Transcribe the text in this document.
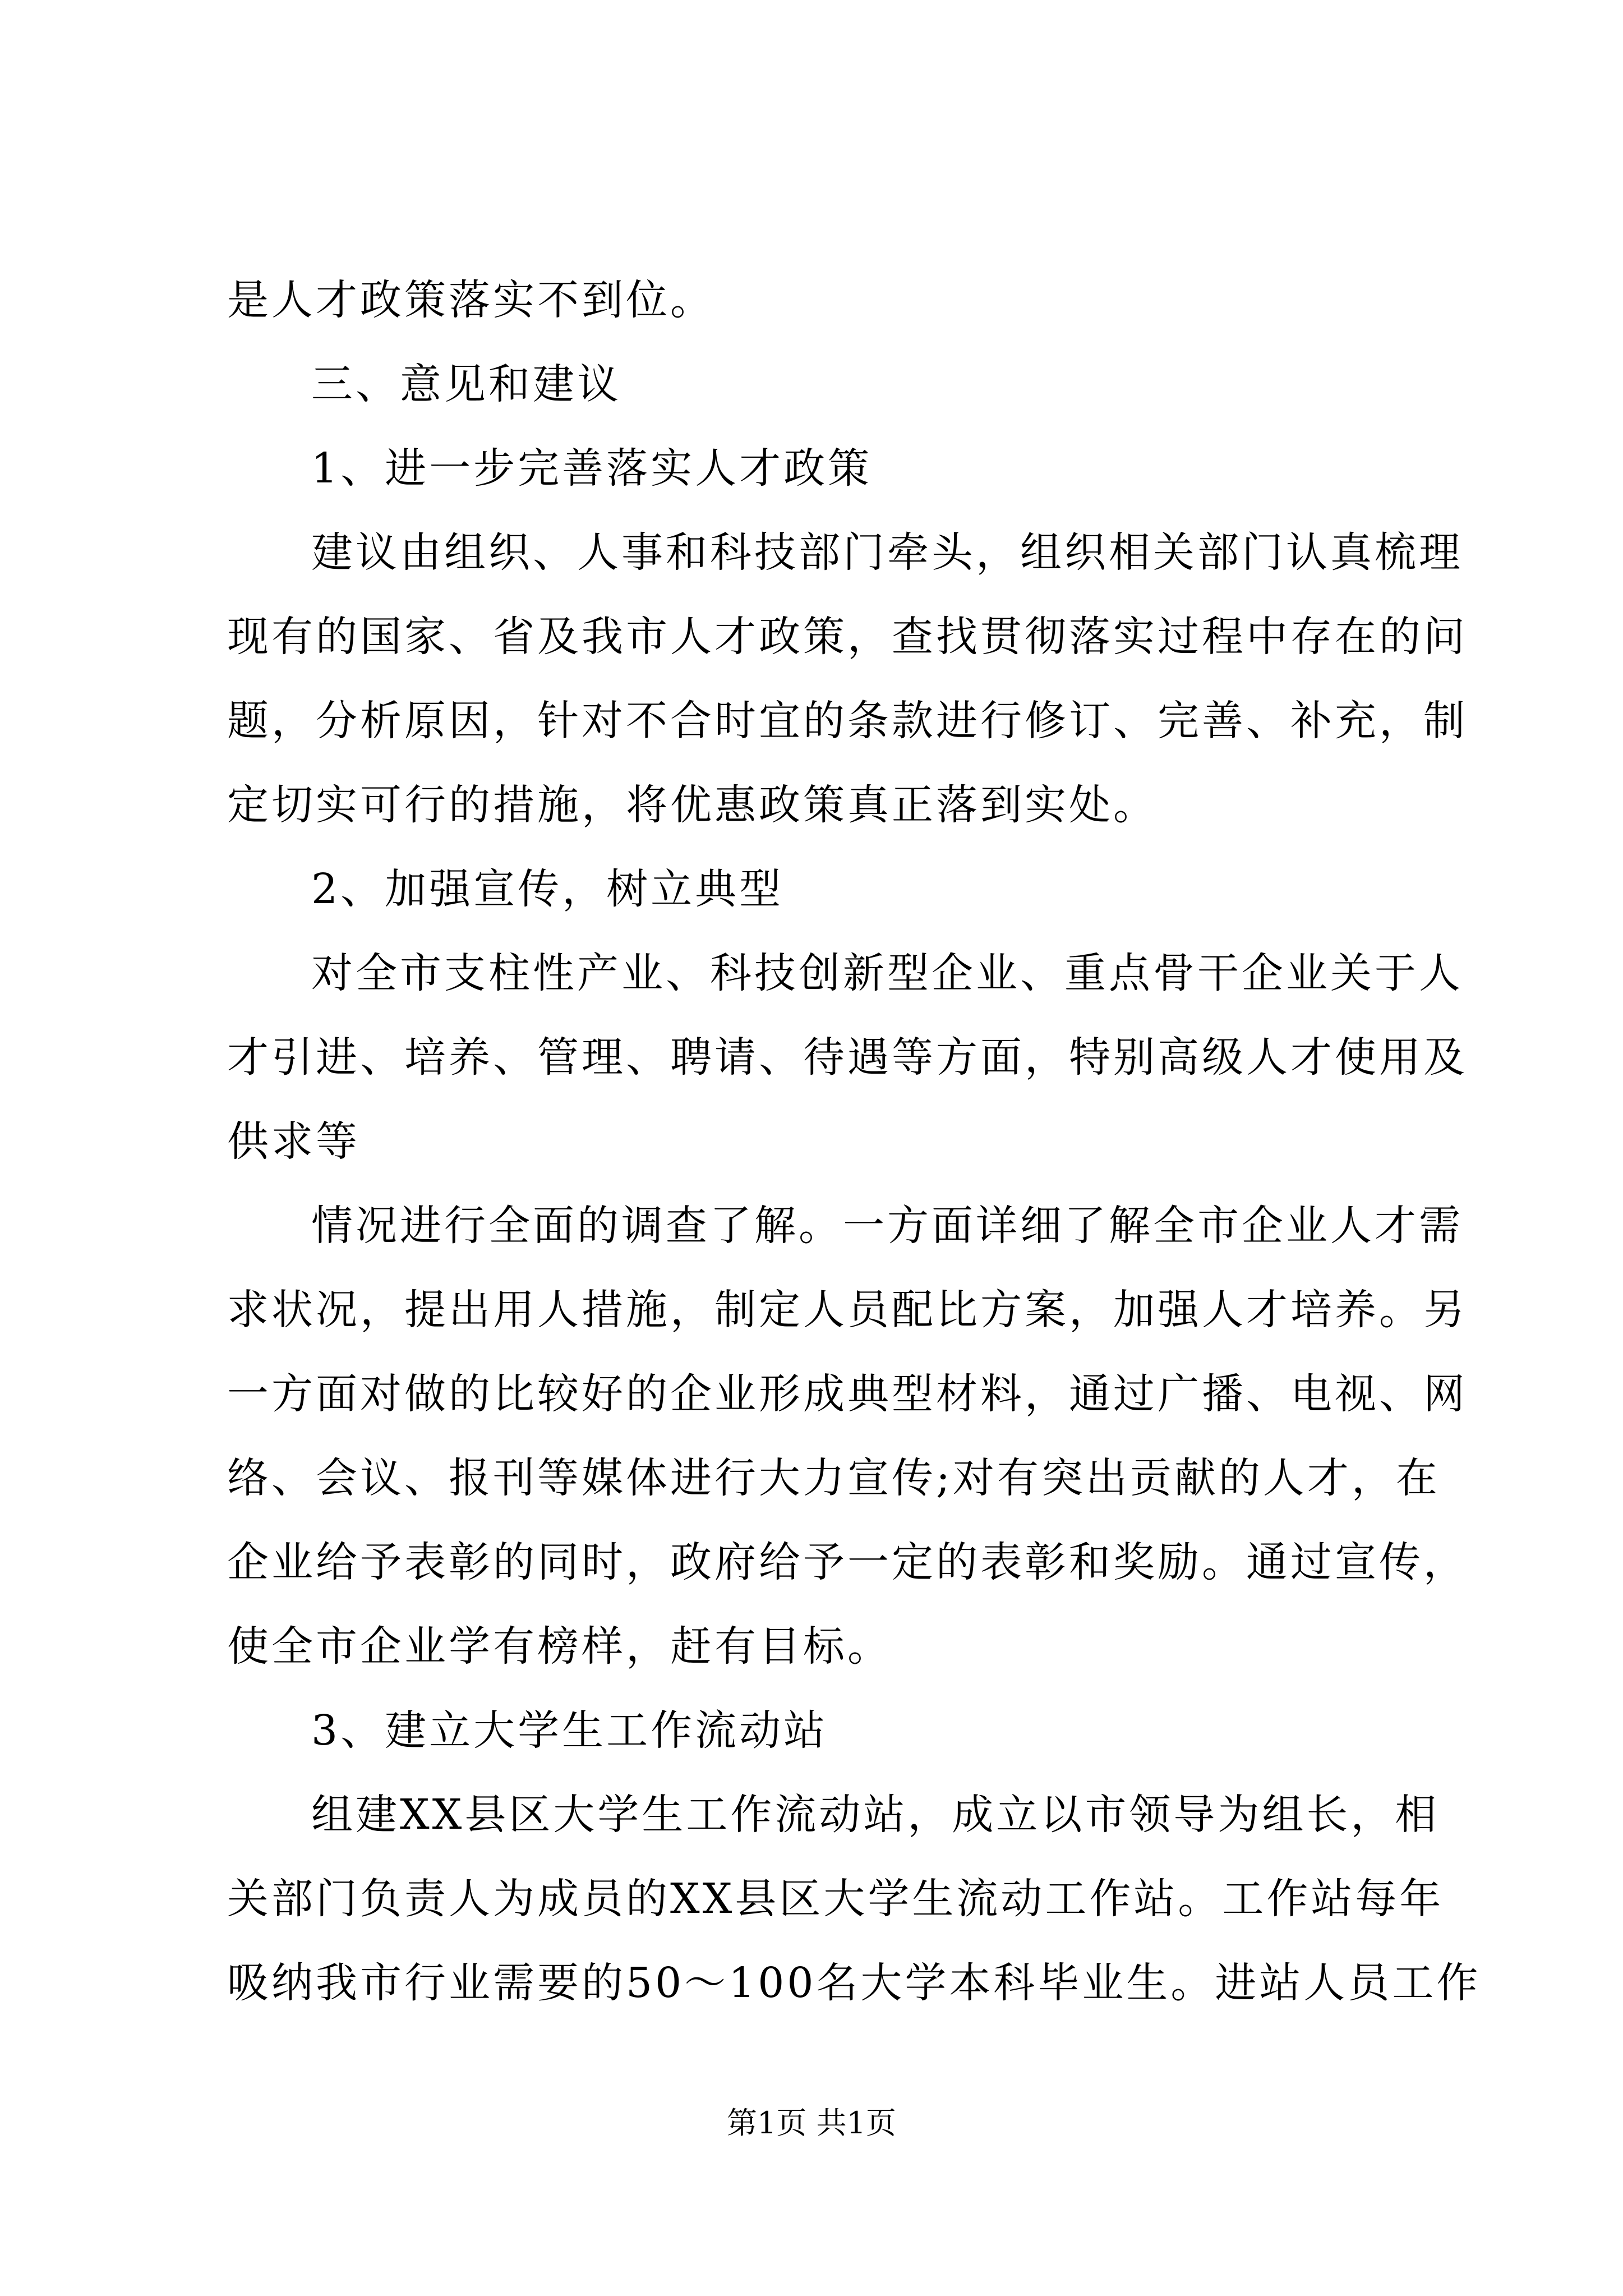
是人才政策落实不到位。
三、意见和建议
1、进一步完善落实人才政策
建议由组织、人事和科技部门牵头，组织相关部门认真梳理
现有的国家、省及我市人才政策，查找贯彻落实过程中存在的问
题，分析原因，针对不合时宜的条款进行修订、完善、补充，制
定切实可行的措施，将优惠政策真正落到实处。
2、加强宣传，树立典型
对全市支柱性产业、科技创新型企业、重点骨干企业关于人
才引进、培养、管理、聘请、待遇等方面，特别高级人才使用及
供求等
情况进行全面的调查了解。一方面详细了解全市企业人才需
求状况，提出用人措施，制定人员配比方案，加强人才培养。另
一方面对做的比较好的企业形成典型材料，通过广播、电视、网
络、会议、报刊等媒体进行大力宣传;对有突出贡献的人才，在
企业给予表彰的同时，政府给予一定的表彰和奖励。通过宣传，
使全市企业学有榜样，赶有目标。
3、建立大学生工作流动站
组建XX县区大学生工作流动站，成立以市领导为组长，相
关部门负责人为成员的XX县区大学生流动工作站。工作站每年
吸纳我市行业需要的50～100名大学本科毕业生。进站人员工作
第1页 共1页
